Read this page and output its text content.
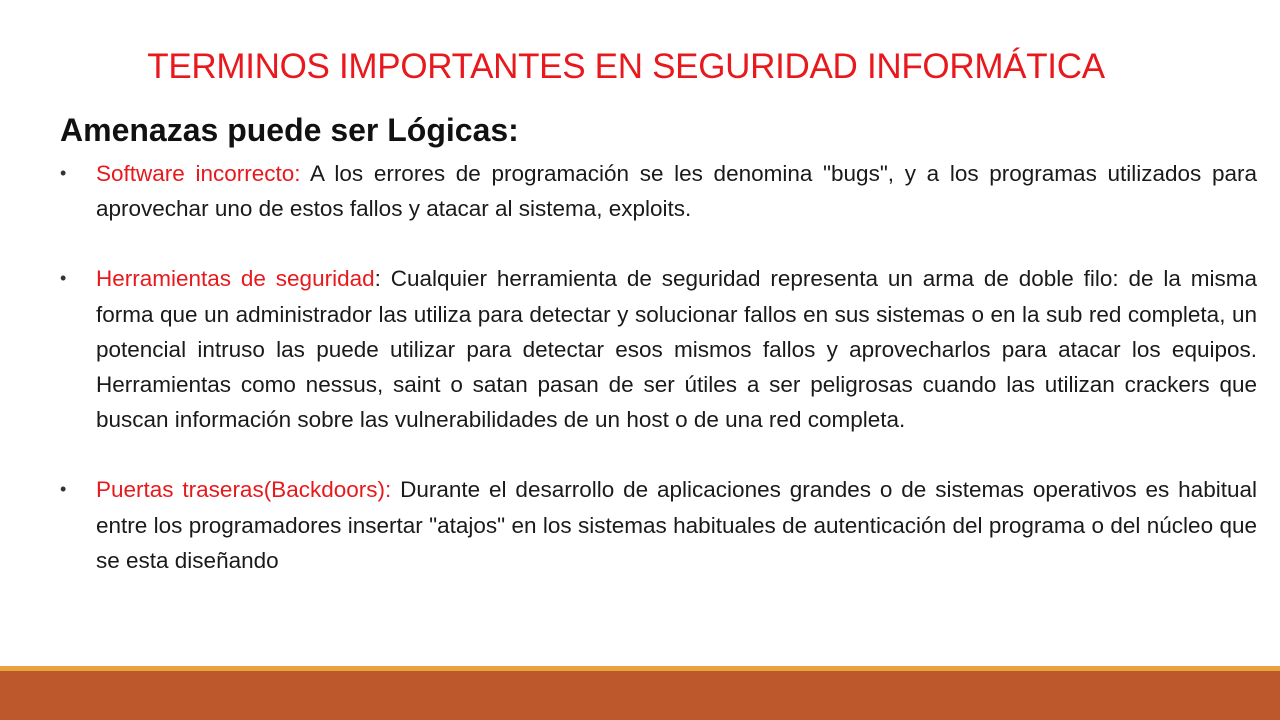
TERMINOS IMPORTANTES EN SEGURIDAD INFORMÁTICA
Amenazas puede ser Lógicas:
• Software incorrecto: A los errores de programación se les denomina "bugs", y a los programas utilizados para aprovechar uno de estos fallos y atacar al sistema, exploits.
• Herramientas de seguridad: Cualquier herramienta de seguridad representa un arma de doble filo: de la misma forma que un administrador las utiliza para detectar y solucionar fallos en sus sistemas o en la sub red completa, un potencial intruso las puede utilizar para detectar esos mismos fallos y aprovecharlos para atacar los equipos. Herramientas como nessus, saint o satan pasan de ser útiles a ser peligrosas cuando las utilizan crackers que buscan información sobre las vulnerabilidades de un host o de una red completa.
• Puertas traseras(Backdoors): Durante el desarrollo de aplicaciones grandes o de sistemas operativos es habitual entre los programadores insertar "atajos" en los sistemas habituales de autenticación del programa o del núcleo que se esta diseñando
